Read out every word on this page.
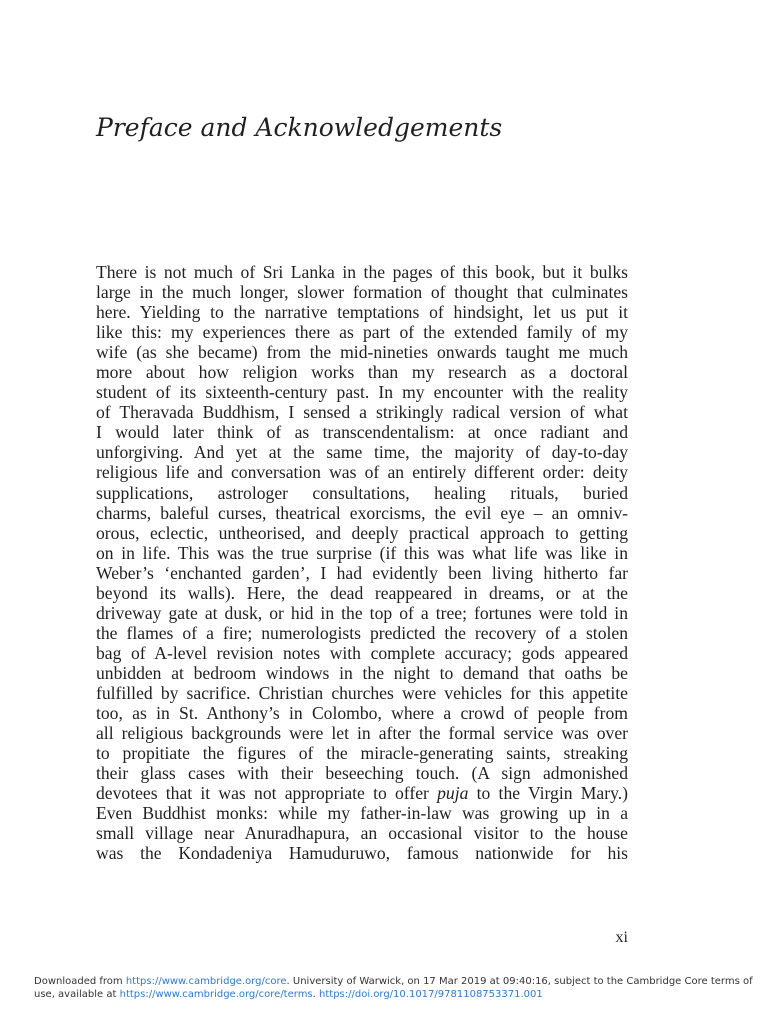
Preface and Acknowledgements
There is not much of Sri Lanka in the pages of this book, but it bulks
large in the much longer, slower formation of thought that culminates
here. Yielding to the narrative temptations of hindsight, let us put it
like this: my experiences there as part of the extended family of my
wife (as she became) from the mid-nineties onwards taught me much
more about how religion works than my research as a doctoral
student of its sixteenth-century past. In my encounter with the reality
of Theravada Buddhism, I sensed a strikingly radical version of what
I would later think of as transcendentalism: at once radiant and
unforgiving. And yet at the same time, the majority of day-to-day
religious life and conversation was of an entirely different order: deity
supplications, astrologer consultations, healing rituals, buried
charms, baleful curses, theatrical exorcisms, the evil eye – an omniv-
orous, eclectic, untheorised, and deeply practical approach to getting
on in life. This was the true surprise (if this was what life was like in
Weber’s ‘enchanted garden’, I had evidently been living hitherto far
beyond its walls). Here, the dead reappeared in dreams, or at the
driveway gate at dusk, or hid in the top of a tree; fortunes were told in
the flames of a fire; numerologists predicted the recovery of a stolen
bag of A-level revision notes with complete accuracy; gods appeared
unbidden at bedroom windows in the night to demand that oaths be
fulfilled by sacrifice. Christian churches were vehicles for this appetite
too, as in St. Anthony’s in Colombo, where a crowd of people from
all religious backgrounds were let in after the formal service was over
to propitiate the figures of the miracle-generating saints, streaking
their glass cases with their beseeching touch. (A sign admonished
devotees that it was not appropriate to offer puja to the Virgin Mary.)
Even Buddhist monks: while my father-in-law was growing up in a
small village near Anuradhapura, an occasional visitor to the house
was the Kondadeniya Hamuduruwo, famous nationwide for his
xi
Downloaded from https://www.cambridge.org/core. University of Warwick, on 17 Mar 2019 at 09:40:16, subject to the Cambridge Core terms of use, available at https://www.cambridge.org/core/terms. https://doi.org/10.1017/9781108753371.001
